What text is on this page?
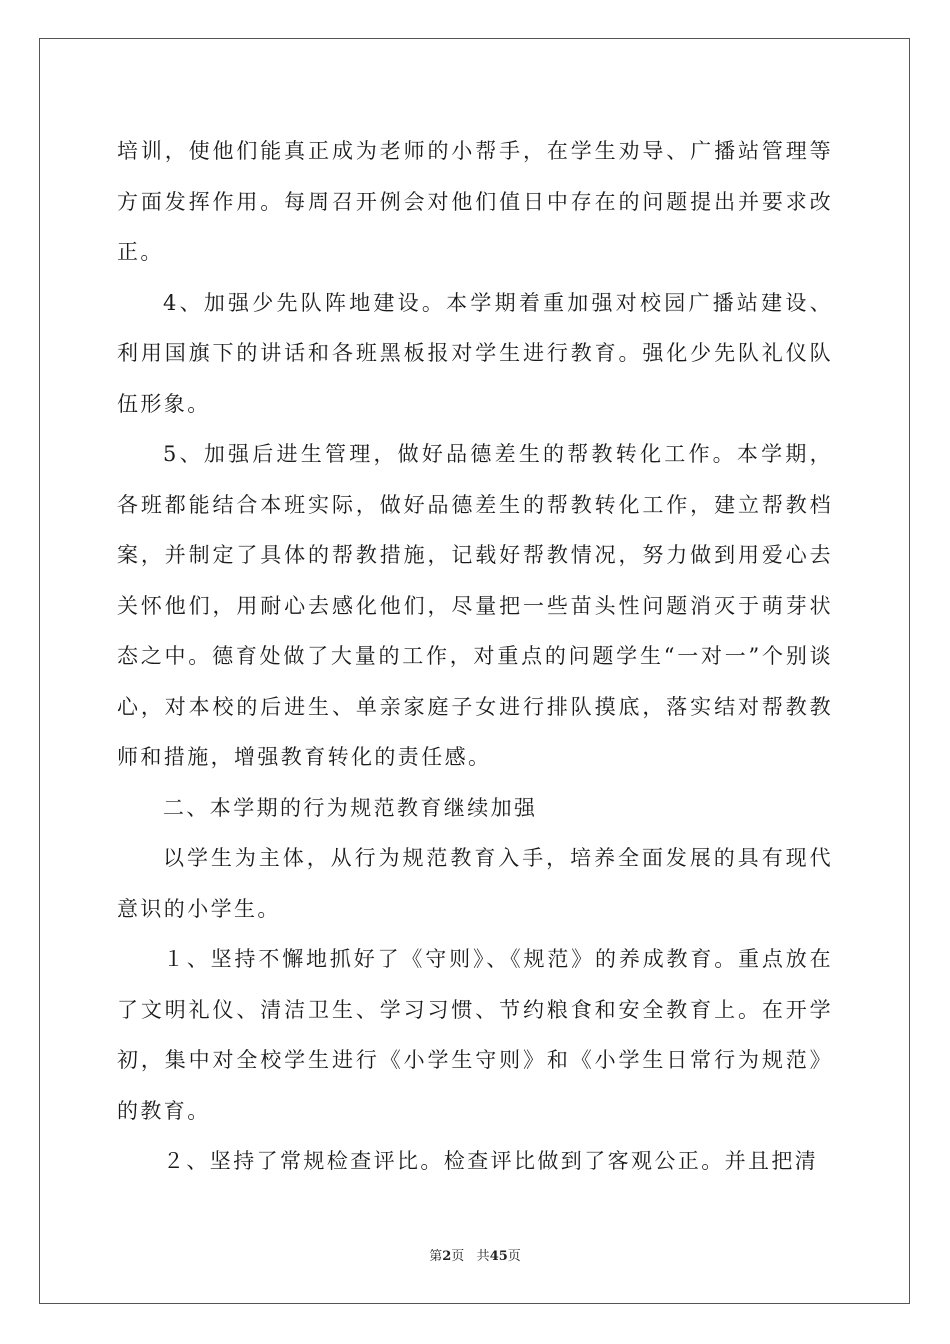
培训，使他们能真正成为老师的小帮手，在学生劝导、广播站管理等方面发挥作用。每周召开例会对他们值日中存在的问题提出并要求改正。

4、加强少先队阵地建设。本学期着重加强对校园广播站建设、利用国旗下的讲话和各班黑板报对学生进行教育。强化少先队礼仪队伍形象。

5、加强后进生管理，做好品德差生的帮教转化工作。本学期，各班都能结合本班实际，做好品德差生的帮教转化工作，建立帮教档案，并制定了具体的帮教措施，记载好帮教情况，努力做到用爱心去关怀他们，用耐心去感化他们，尽量把一些苗头性问题消灭于萌芽状态之中。德育处做了大量的工作，对重点的问题学生“一对一”个别谈心，对本校的后进生、单亲家庭子女进行排队摸底，落实结对帮教教师和措施，增强教育转化的责任感。

二、本学期的行为规范教育继续加强

以学生为主体，从行为规范教育入手，培养全面发展的具有现代意识的小学生。

１、坚持不懈地抓好了《守则》、《规范》的养成教育。重点放在了文明礼仪、清洁卫生、学习习惯、节约粮食和安全教育上。在开学初，集中对全校学生进行《小学生守则》和《小学生日常行为规范》的教育。

２、坚持了常规检查评比。检查评比做到了客观公正。并且把清

第2页 共45页
